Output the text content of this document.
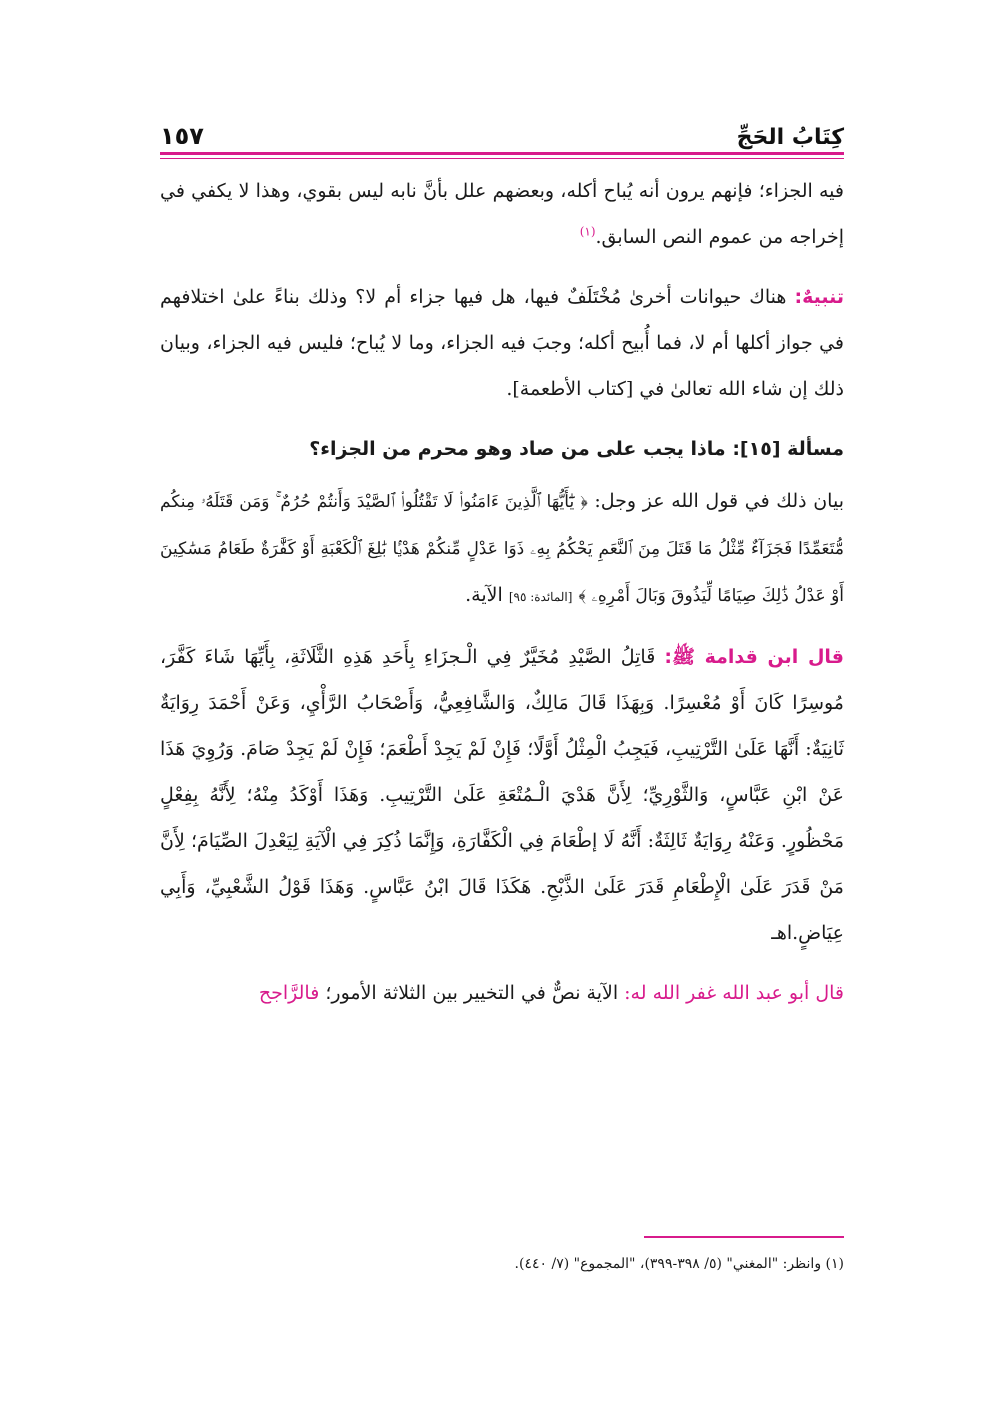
كِتَابُ الحَجِّ
١٥٧

فيه الجزاء؛ فإنهم يرون أنه يُباح أكله، وبعضهم علل بأنَّ نابه ليس بقوي، وهذا لا يكفي في إخراجه من عموم النص السابق.$^{(١)}$

تنبيهٌ: هناك حيوانات أخرىٰ مُخْتَلَفٌ فيها، هل فيها جزاء أم لا؟ وذلك بناءً علىٰ اختلافهم في جواز أكلها أم لا، فما أُبيح أكله؛ وجبَ فيه الجزاء، وما لا يُباح؛ فليس فيه الجزاء، وبيان ذلك إن شاء الله تعالىٰ في [كتاب الأطعمة].

مسألة [١٥]: ماذا يجب على من صاد وهو محرم من الجزاء؟

بيان ذلك في قول الله عز وجل: ﴿ يَٰٓأَيُّهَا ٱلَّذِينَ ءَامَنُوا۟ لَا تَقْتُلُوا۟ ٱلصَّيْدَ وَأَنتُمْ حُرُمٌ ۚ وَمَن قَتَلَهُۥ مِنكُم مُّتَعَمِّدًا فَجَزَآءٌ مِّثْلُ مَا قَتَلَ مِنَ ٱلنَّعَمِ يَحْكُمُ بِهِۦ ذَوَا عَدْلٍ مِّنكُمْ هَدْيًۢا بَٰلِغَ ٱلْكَعْبَةِ أَوْ كَفَّٰرَةٌ طَعَامُ مَسَٰكِينَ أَوْ عَدْلُ ذَٰلِكَ صِيَامًا لِّيَذُوقَ وَبَالَ أَمْرِهِۦ ﴾ [المائدة: ٩٥] الآية.

قال ابن قدامة ﷺ: قَاتِلُ الصَّيْدِ مُخَيَّرٌ فِي الْـجزَاءِ بِأَحَدِ هَذِهِ الثَّلَاثَةِ، بِأَيِّهَا شَاءَ كَفَّرَ، مُوسِرًا كَانَ أَوْ مُعْسِرًا. وَبِهَذَا قَالَ مَالِكٌ، وَالشَّافِعِيُّ، وَأَصْحَابُ الرَّأْيِ، وَعَنْ أَحْمَدَ رِوَايَةٌ ثَانِيَةٌ: أَنَّهَا عَلَىٰ التَّرْتِيبِ، فَيَجِبُ الْمِثْلُ أَوَّلًا؛ فَإِنْ لَمْ يَجِدْ أَطْعَمَ؛ فَإِنْ لَمْ يَجِدْ صَامَ. وَرُوِيَ هَذَا عَنْ ابْنِ عَبَّاسٍ، وَالثَّوْرِيِّ؛ لِأَنَّ هَدْيَ الْـمُتْعَةِ عَلَىٰ التَّرْتِيبِ. وَهَذَا أَوْكَدُ مِنْهُ؛ لِأَنَّهُ بِفِعْلٍ مَحْظُورٍ. وَعَنْهُ رِوَايَةٌ ثَالِثَةٌ: أَنَّهُ لَا إطْعَامَ فِي الْكَفَّارَةِ، وَإِنَّمَا ذُكِرَ فِي الْآيَةِ لِيَعْدِلَ الصِّيَامَ؛ لِأَنَّ مَنْ قَدَرَ عَلَىٰ الْإِطْعَامِ قَدَرَ عَلَىٰ الذَّبْحِ. هَكَذَا قَالَ ابْنُ عَبَّاسٍ. وَهَذَا قَوْلُ الشَّعْبِيِّ، وَأَبِي عِيَاضٍ.اهـ

قال أبو عبد الله غفر الله له: الآية نصٌّ في التخيير بين الثلاثة الأمور؛ فالرَّاجح

(١) وانظر: "المغني" (٥/ ٣٩٨-٣٩٩)، "المجموع" (٧/ ٤٤٠).
